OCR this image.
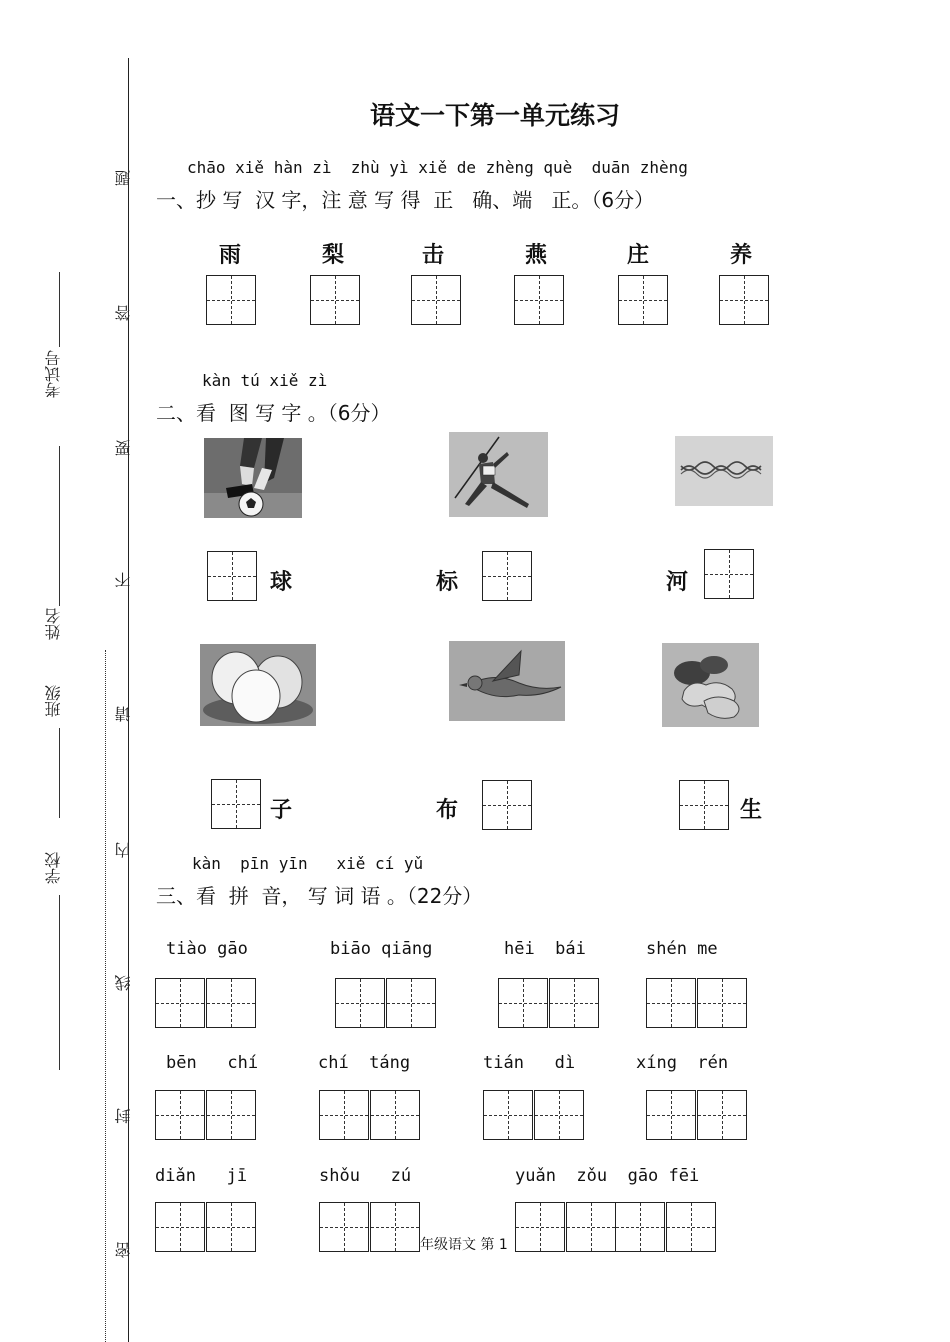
题
答
要
不
请
内
线
封
密
考试号
姓名
班级
学校
语文一下第一单元练习
chāo xiě hàn zì  zhù yì xiě de zhèng què  duān zhèng
一、抄 写  汉 字，注 意 写 得  正   确、端   正。（6分）
雨	梨	击	燕	庄	养
kàn tú xiě zì
二、看  图 写 字 。（6分）
球	标	河
子	布	生
kàn  pīn yīn   xiě cí yǔ
三、看  拼  音， 写 词 语 。（22分）
tiào gāo	biāo qiāng	hēi  bái	shén me
bēn   chí	chí  táng	tián   dì	xíng  rén
diǎn   jī	shǒu   zú	yuǎn  zǒu  gāo fēi
年级语文 第 1
